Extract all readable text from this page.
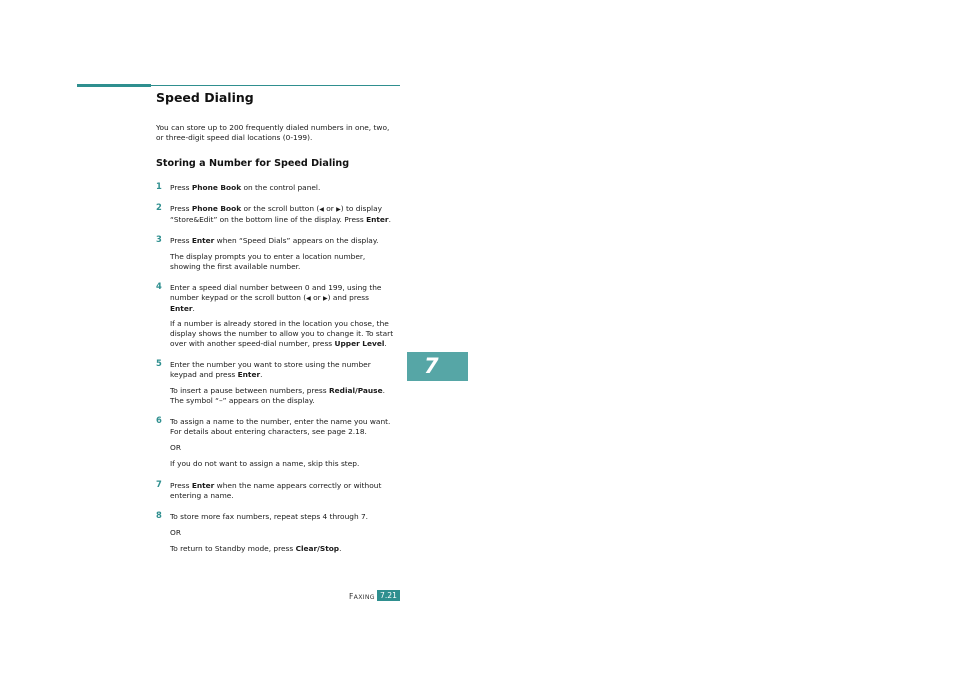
Speed Dialing

You can store up to 200 frequently dialed numbers in one, two,
or three-digit speed dial locations (0-199).

Storing a Number for Speed Dialing
1 Press Phone Book on the control panel.

2 Press Phone Book or the scroll button (◀ or ▶) to display
“Store&Edit” on the bottom line of the display. Press Enter.

3 Press Enter when “Speed Dials” appears on the display.

The display prompts you to enter a location number,
showing the first available number.

4 Enter a speed dial number between 0 and 199, using the
number keypad or the scroll button (◀ or ▶) and press
Enter.

If a number is already stored in the location you chose, the
display shows the number to allow you to change it. To start
over with another speed-dial number, press Upper Level.

5 Enter the number you want to store using the number
keypad and press Enter.

To insert a pause between numbers, press Redial/Pause.
The symbol “–” appears on the display.

6 To assign a name to the number, enter the name you want.
For details about entering characters, see page 2.18.

OR

If you do not want to assign a name, skip this step.

7 Press Enter when the name appears correctly or without
entering a name.

8 To store more fax numbers, repeat steps 4 through 7.

OR

To return to Standby mode, press Clear/Stop.

7
FAXING 7.21
